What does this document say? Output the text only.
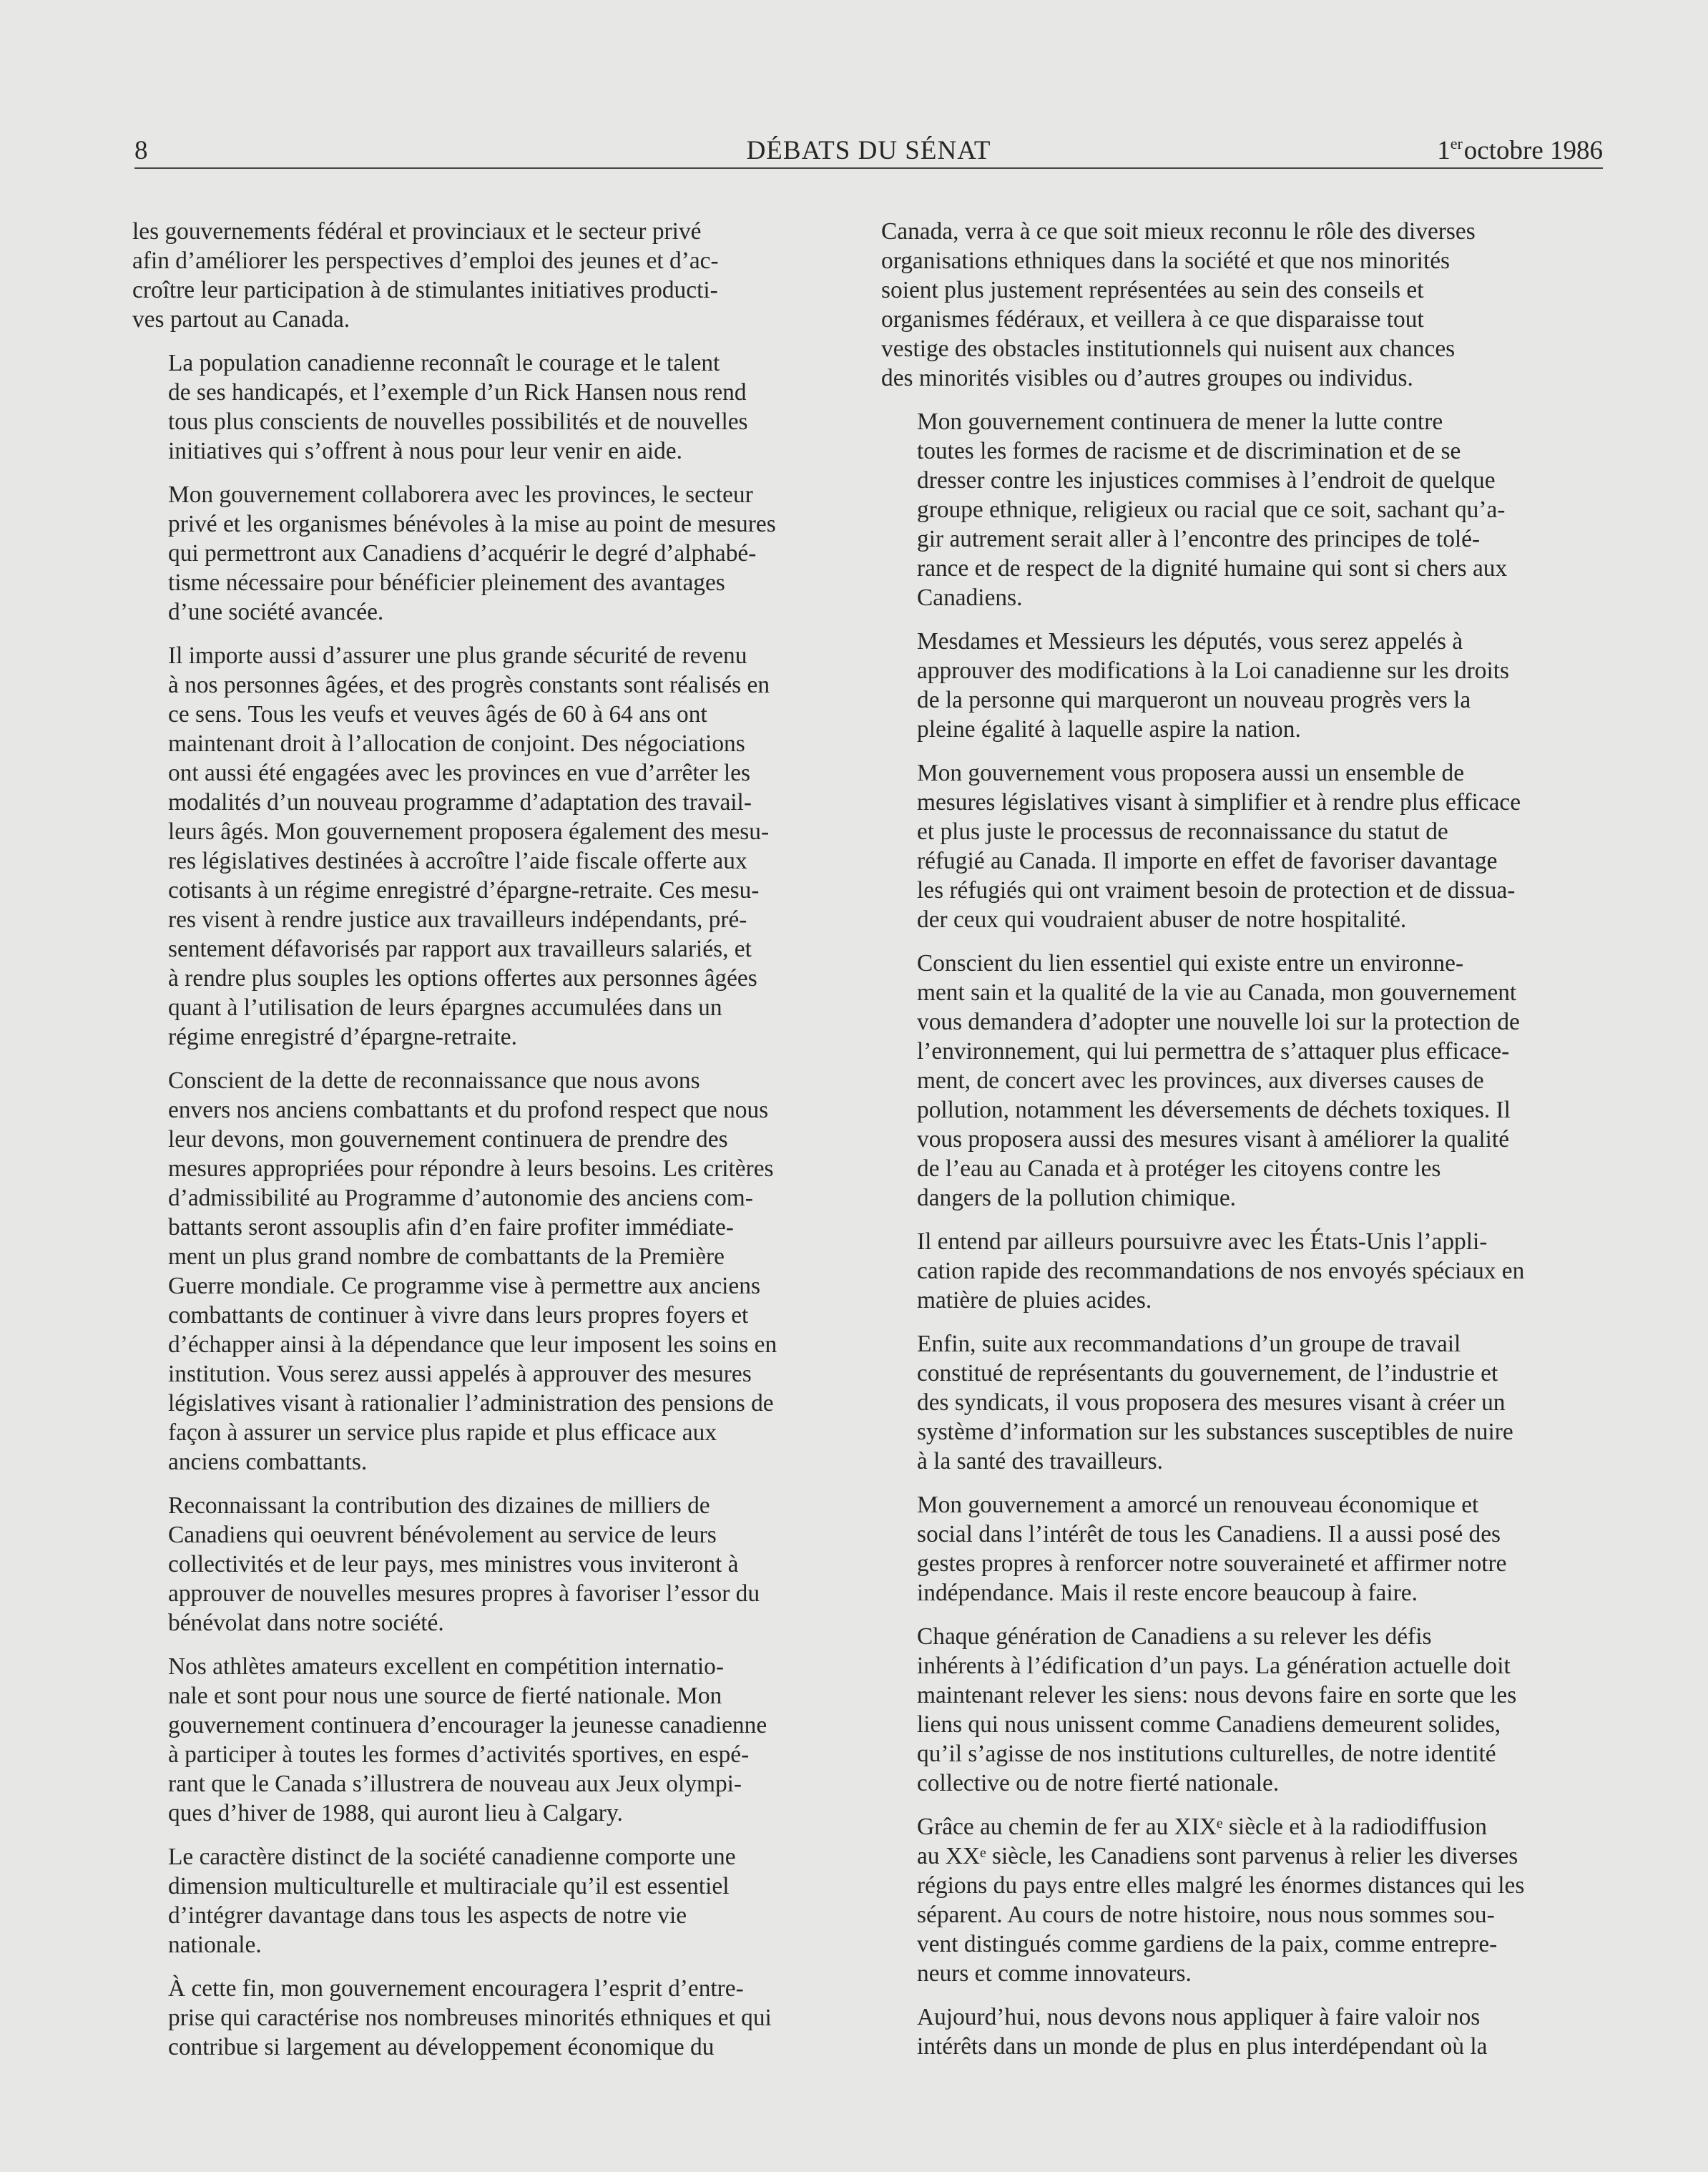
8	DÉBATS DU SÉNAT	1eroctobre 1986
les gouvernements fédéral et provinciaux et le secteur privé
afin d’améliorer les perspectives d’emploi des jeunes et d’ac-
croître leur participation à de stimulantes initiatives producti-
ves partout au Canada.
La population canadienne reconnaît le courage et le talent
de ses handicapés, et l’exemple d’un Rick Hansen nous rend
tous plus conscients de nouvelles possibilités et de nouvelles
initiatives qui s’offrent à nous pour leur venir en aide.
Mon gouvernement collaborera avec les provinces, le secteur
privé et les organismes bénévoles à la mise au point de mesures
qui permettront aux Canadiens d’acquérir le degré d’alphabé-
tisme nécessaire pour bénéficier pleinement des avantages
d’une société avancée.
Il importe aussi d’assurer une plus grande sécurité de revenu
à nos personnes âgées, et des progrès constants sont réalisés en
ce sens. Tous les veufs et veuves âgés de 60 à 64 ans ont
maintenant droit à l’allocation de conjoint. Des négociations
ont aussi été engagées avec les provinces en vue d’arrêter les
modalités d’un nouveau programme d’adaptation des travail-
leurs âgés. Mon gouvernement proposera également des mesu-
res législatives destinées à accroître l’aide fiscale offerte aux
cotisants à un régime enregistré d’épargne-retraite. Ces mesu-
res visent à rendre justice aux travailleurs indépendants, pré-
sentement défavorisés par rapport aux travailleurs salariés, et
à rendre plus souples les options offertes aux personnes âgées
quant à l’utilisation de leurs épargnes accumulées dans un
régime enregistré d’épargne-retraite.
Conscient de la dette de reconnaissance que nous avons
envers nos anciens combattants et du profond respect que nous
leur devons, mon gouvernement continuera de prendre des
mesures appropriées pour répondre à leurs besoins. Les critères
d’admissibilité au Programme d’autonomie des anciens com-
battants seront assouplis afin d’en faire profiter immédiate-
ment un plus grand nombre de combattants de la Première
Guerre mondiale. Ce programme vise à permettre aux anciens
combattants de continuer à vivre dans leurs propres foyers et
d’échapper ainsi à la dépendance que leur imposent les soins en
institution. Vous serez aussi appelés à approuver des mesures
législatives visant à rationalier l’administration des pensions de
façon à assurer un service plus rapide et plus efficace aux
anciens combattants.
Reconnaissant la contribution des dizaines de milliers de
Canadiens qui oeuvrent bénévolement au service de leurs
collectivités et de leur pays, mes ministres vous inviteront à
approuver de nouvelles mesures propres à favoriser l’essor du
bénévolat dans notre société.
Nos athlètes amateurs excellent en compétition internatio-
nale et sont pour nous une source de fierté nationale. Mon
gouvernement continuera d’encourager la jeunesse canadienne
à participer à toutes les formes d’activités sportives, en espé-
rant que le Canada s’illustrera de nouveau aux Jeux olympi-
ques d’hiver de 1988, qui auront lieu à Calgary.
Le caractère distinct de la société canadienne comporte une
dimension multiculturelle et multiraciale qu’il est essentiel
d’intégrer davantage dans tous les aspects de notre vie
nationale.
À cette fin, mon gouvernement encouragera l’esprit d’entre-
prise qui caractérise nos nombreuses minorités ethniques et qui
contribue si largement au développement économique du
Canada, verra à ce que soit mieux reconnu le rôle des diverses
organisations ethniques dans la société et que nos minorités
soient plus justement représentées au sein des conseils et
organismes fédéraux, et veillera à ce que disparaisse tout
vestige des obstacles institutionnels qui nuisent aux chances
des minorités visibles ou d’autres groupes ou individus.
Mon gouvernement continuera de mener la lutte contre
toutes les formes de racisme et de discrimination et de se
dresser contre les injustices commises à l’endroit de quelque
groupe ethnique, religieux ou racial que ce soit, sachant qu’a-
gir autrement serait aller à l’encontre des principes de tolé-
rance et de respect de la dignité humaine qui sont si chers aux
Canadiens.
Mesdames et Messieurs les députés, vous serez appelés à
approuver des modifications à la Loi canadienne sur les droits
de la personne qui marqueront un nouveau progrès vers la
pleine égalité à laquelle aspire la nation.
Mon gouvernement vous proposera aussi un ensemble de
mesures législatives visant à simplifier et à rendre plus efficace
et plus juste le processus de reconnaissance du statut de
réfugié au Canada. Il importe en effet de favoriser davantage
les réfugiés qui ont vraiment besoin de protection et de dissua-
der ceux qui voudraient abuser de notre hospitalité.
Conscient du lien essentiel qui existe entre un environne-
ment sain et la qualité de la vie au Canada, mon gouvernement
vous demandera d’adopter une nouvelle loi sur la protection de
l’environnement, qui lui permettra de s’attaquer plus efficace-
ment, de concert avec les provinces, aux diverses causes de
pollution, notamment les déversements de déchets toxiques. Il
vous proposera aussi des mesures visant à améliorer la qualité
de l’eau au Canada et à protéger les citoyens contre les
dangers de la pollution chimique.
Il entend par ailleurs poursuivre avec les États-Unis l’appli-
cation rapide des recommandations de nos envoyés spéciaux en
matière de pluies acides.
Enfin, suite aux recommandations d’un groupe de travail
constitué de représentants du gouvernement, de l’industrie et
des syndicats, il vous proposera des mesures visant à créer un
système d’information sur les substances susceptibles de nuire
à la santé des travailleurs.
Mon gouvernement a amorcé un renouveau économique et
social dans l’intérêt de tous les Canadiens. Il a aussi posé des
gestes propres à renforcer notre souveraineté et affirmer notre
indépendance. Mais il reste encore beaucoup à faire.
Chaque génération de Canadiens a su relever les défis
inhérents à l’édification d’un pays. La génération actuelle doit
maintenant relever les siens: nous devons faire en sorte que les
liens qui nous unissent comme Canadiens demeurent solides,
qu’il s’agisse de nos institutions culturelles, de notre identité
collective ou de notre fierté nationale.
Grâce au chemin de fer au XIXᵉ siècle et à la radiodiffusion
au XXᵉ siècle, les Canadiens sont parvenus à relier les diverses
régions du pays entre elles malgré les énormes distances qui les
séparent. Au cours de notre histoire, nous nous sommes sou-
vent distingués comme gardiens de la paix, comme entrepre-
neurs et comme innovateurs.
Aujourd’hui, nous devons nous appliquer à faire valoir nos
intérêts dans un monde de plus en plus interdépendant où la
